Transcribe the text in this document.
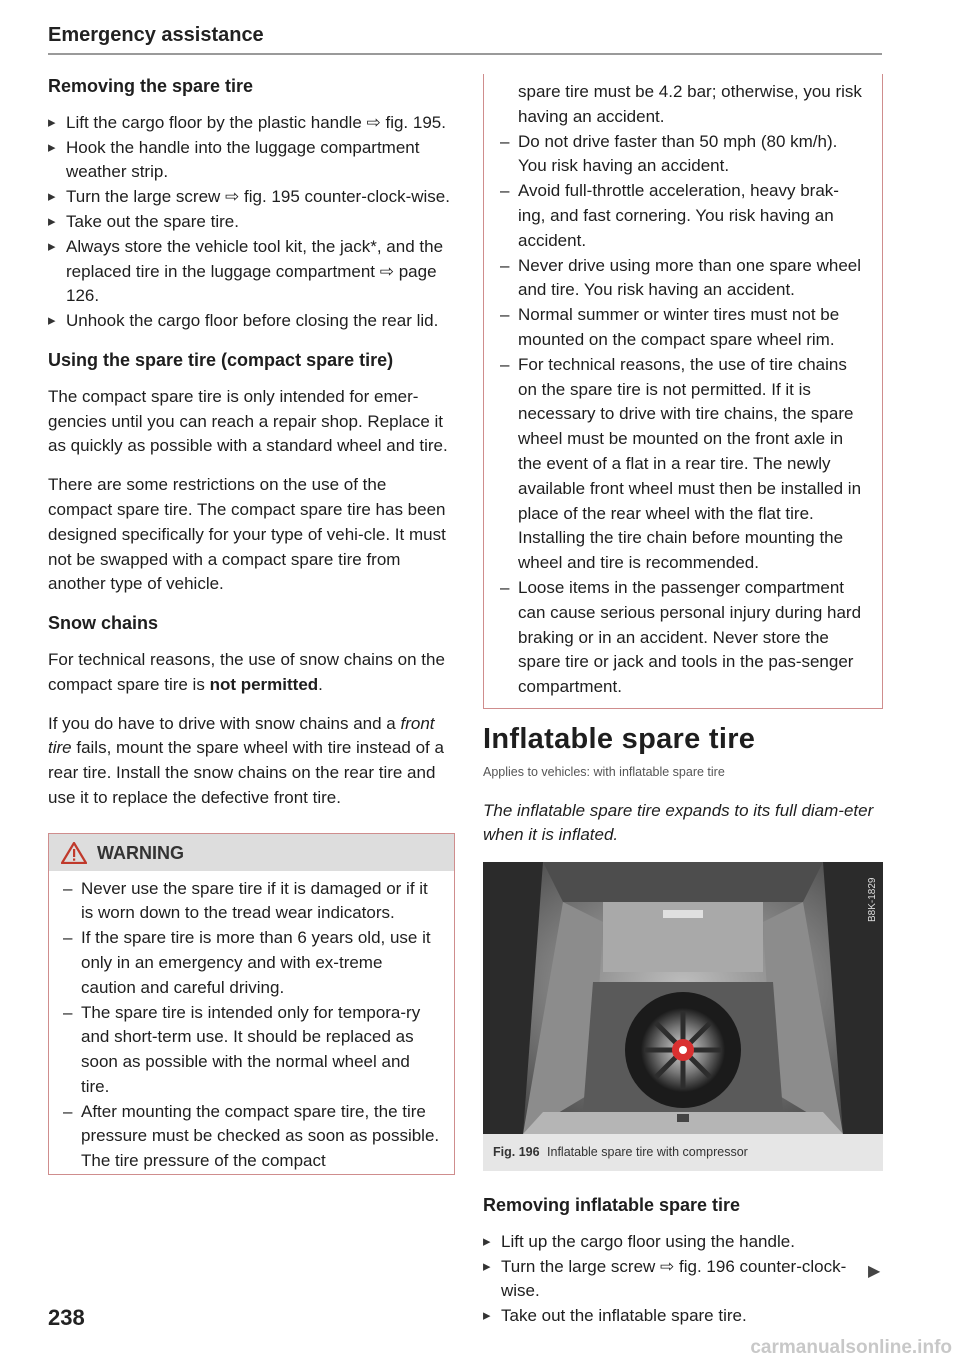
Emergency assistance
Removing the spare tire
▸ Lift the cargo floor by the plastic handle ⇨ fig. 195.
▸ Hook the handle into the luggage compartment weather strip.
▸ Turn the large screw ⇨ fig. 195 counter-clock-wise.
▸ Take out the spare tire.
▸ Always store the vehicle tool kit, the jack*, and the replaced tire in the luggage compartment ⇨ page 126.
▸ Unhook the cargo floor before closing the rear lid.
Using the spare tire (compact spare tire)

The compact spare tire is only intended for emer-gencies until you can reach a repair shop. Replace it as quickly as possible with a standard wheel and tire.

There are some restrictions on the use of the compact spare tire. The compact spare tire has been designed specifically for your type of vehi-cle. It must not be swapped with a compact spare tire from another type of vehicle.

Snow chains

For technical reasons, the use of snow chains on the compact spare tire is not permitted.

If you do have to drive with snow chains and a front tire fails, mount the spare wheel with tire instead of a rear tire. Install the snow chains on the rear tire and use it to replace the defective front tire.

WARNING
– Never use the spare tire if it is damaged or if it is worn down to the tread wear indicators.
– If the spare tire is more than 6 years old, use it only in an emergency and with ex-treme caution and careful driving.
– The spare tire is intended only for tempora-ry and short-term use. It should be replaced as soon as possible with the normal wheel and tire.
– After mounting the compact spare tire, the tire pressure must be checked as soon as possible. The tire pressure of the compact

spare tire must be 4.2 bar; otherwise, you risk having an accident.

– Do not drive faster than 50 mph (80 km/h). You risk having an accident.
– Avoid full-throttle acceleration, heavy brak-ing, and fast cornering. You risk having an accident.
– Never drive using more than one spare wheel and tire. You risk having an accident.
– Normal summer or winter tires must not be mounted on the compact spare wheel rim.
– For technical reasons, the use of tire chains on the spare tire is not permitted. If it is necessary to drive with tire chains, the spare wheel must be mounted on the front axle in the event of a flat in a rear tire. The newly available front wheel must then be installed in place of the rear wheel with the flat tire. Installing the tire chain before mounting the wheel and tire is recommended.
– Loose items in the passenger compartment can cause serious personal injury during hard braking or in an accident. Never store the spare tire or jack and tools in the pas-senger compartment.
Inflatable spare tire
Applies to vehicles: with inflatable spare tire

The inflatable spare tire expands to its full diam-eter when it is inflated.

B8K-1829
Fig. 196 Inflatable spare tire with compressor
Removing inflatable spare tire
▸ Lift up the cargo floor using the handle.
▸ Turn the large screw ⇨ fig. 196 counter-clock-wise.
▸ Take out the inflatable spare tire.
▶
238
carmanualsonline.info
